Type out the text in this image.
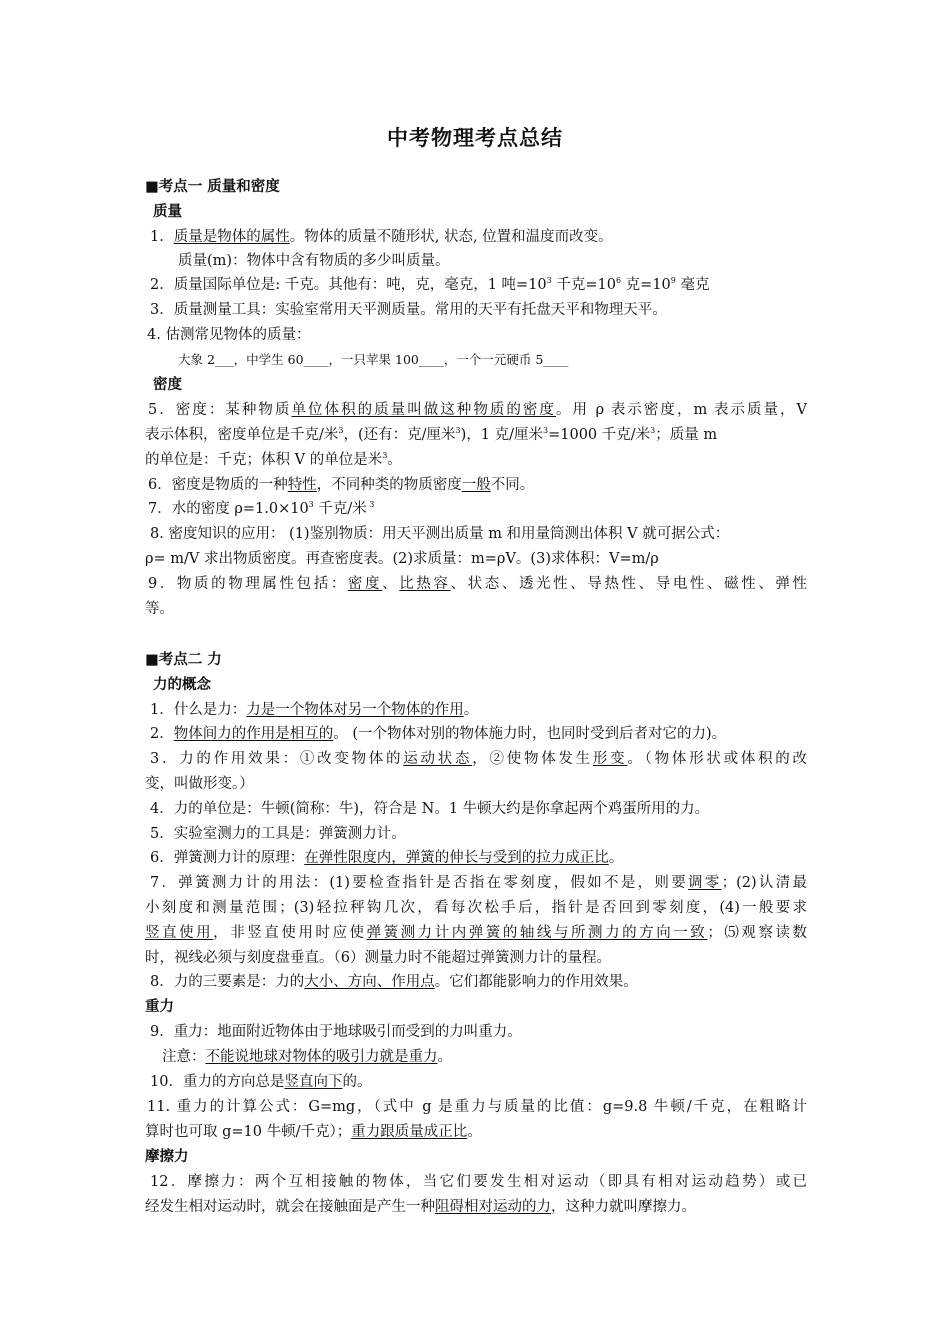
中考物理考点总结
■考点一 质量和密度
质量
1．质量是物体的属性。物体的质量不随形状, 状态, 位置和温度而改变。
质量(m)：物体中含有物质的多少叫质量。
2．质量国际单位是: 千克。其他有：吨，克，毫克，1 吨$=10^3$ 千克$=10^6$ 克$=10^9$ 毫克
3．质量测量工具：实验室常用天平测质量。常用的天平有托盘天平和物理天平。
4. 估测常见物体的质量：
大象 2___，中学生 60____，一只苹果 100____，一个一元硬币 5____
密度
5．密度：某种物质单位体积的质量叫做这种物质的密度。用 ρ 表示密度，m 表示质量，V
表示体积，密度单位是千克/米$^3$，(还有：克/厘米$^3$)，1 克/厘米$^3$=1000 千克/米$^3$；质量 m
的单位是：千克；体积 V 的单位是米$^3$。
6．密度是物质的一种特性，不同种类的物质密度一般不同。
7．水的密度 $\rho=1.0\times 10^3$ 千克/米 $^3$
8. 密度知识的应用： (1)鉴别物质：用天平测出质量 m 和用量筒测出体积 V 就可据公式：
ρ= m/V 求出物质密度。再查密度表。(2)求质量：m=ρV。(3)求体积：V=m/ρ
9．物质的物理属性包括：密度、比热容、状态、透光性、导热性、导电性、磁性、弹性
等。
■考点二 力
力的概念
1．什么是力：力是一个物体对另一个物体的作用。
2．物体间力的作用是相互的。 (一个物体对别的物体施力时，也同时受到后者对它的力)。
3．力的作用效果：①改变物体的运动状态，②使物体发生形变。（物体形状或体积的改
变，叫做形变。）
4．力的单位是：牛顿(简称：牛)，符合是 N。1 牛顿大约是你拿起两个鸡蛋所用的力。
5．实验室测力的工具是：弹簧测力计。
6．弹簧测力计的原理：在弹性限度内，弹簧的伸长与受到的拉力成正比。
7．弹簧测力计的用法：(1)要检查指针是否指在零刻度，假如不是，则要调零；(2)认清最
小刻度和测量范围；(3)轻拉秤钩几次，看每次松手后，指针是否回到零刻度，(4)一般要求
竖直使用，非竖直使用时应使弹簧测力计内弹簧的轴线与所测力的方向一致；⑸观察读数
时，视线必须与刻度盘垂直。（6）测量力时不能超过弹簧测力计的量程。
8．力的三要素是：力的大小、方向、作用点。它们都能影响力的作用效果。
重力
9．重力：地面附近物体由于地球吸引而受到的力叫重力。
注意：不能说地球对物体的吸引力就是重力。
10．重力的方向总是竖直向下的。
11. 重力的计算公式：G=mg，（式中 g 是重力与质量的比值：g=9.8 牛顿/千克，在粗略计
算时也可取 g=10 牛顿/千克）；重力跟质量成正比。
摩擦力
12．摩擦力：两个互相接触的物体，当它们要发生相对运动（即具有相对运动趋势）或已
经发生相对运动时，就会在接触面是产生一种阻碍相对运动的力，这种力就叫摩擦力。
